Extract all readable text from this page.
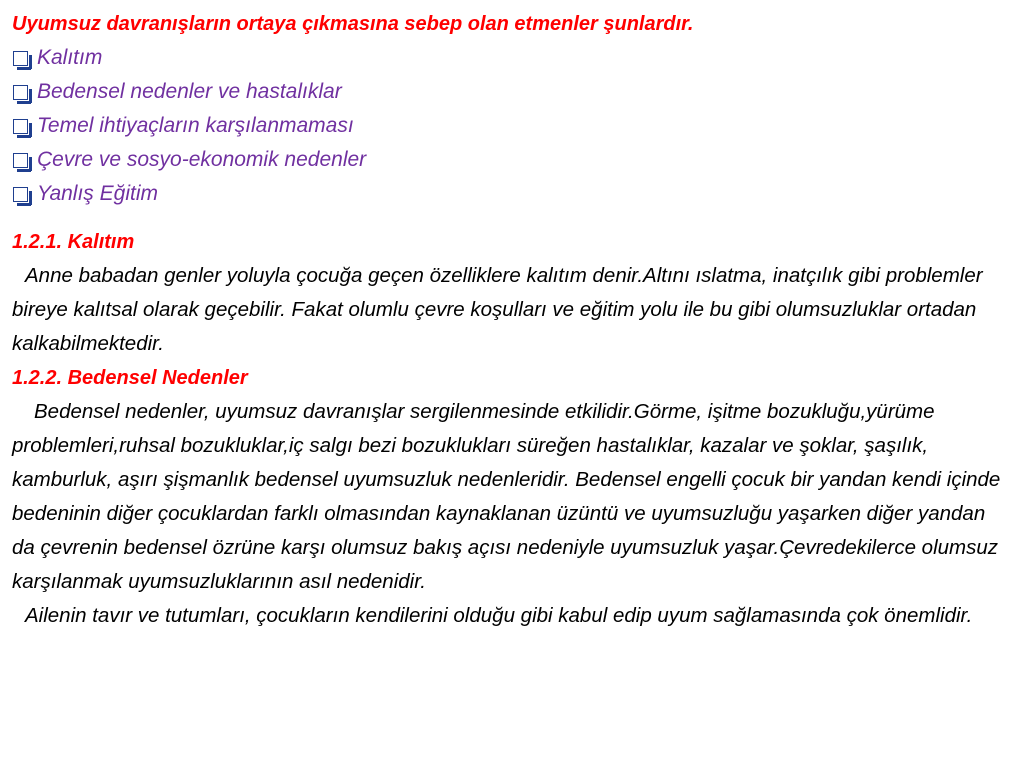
Uyumsuz davranışların ortaya çıkmasına sebep olan etmenler şunlardır.

Kalıtım
Bedensel nedenler ve hastalıklar
Temel ihtiyaçların karşılanmaması
Çevre ve sosyo-ekonomik nedenler
Yanlış Eğitim

1.2.1. Kalıtım

Anne babadan genler yoluyla çocuğa geçen özelliklere kalıtım denir.Altını ıslatma, inatçılık gibi problemler bireye kalıtsal olarak geçebilir. Fakat olumlu çevre koşulları ve eğitim yolu ile bu gibi olumsuzluklar ortadan kalkabilmektedir.

1.2.2. Bedensel Nedenler

Bedensel nedenler, uyumsuz davranışlar sergilenmesinde etkilidir.Görme, işitme bozukluğu,yürüme problemleri,ruhsal bozukluklar,iç salgı bezi bozuklukları süreğen hastalıklar, kazalar ve şoklar, şaşılık, kamburluk, aşırı şişmanlık bedensel uyumsuzluk nedenleridir. Bedensel engelli çocuk bir yandan kendi içinde bedeninin diğer çocuklardan farklı olmasından kaynaklanan üzüntü ve uyumsuzluğu yaşarken diğer yandan da çevrenin bedensel özrüne karşı olumsuz bakış açısı nedeniyle uyumsuzluk yaşar.Çevredekilerce olumsuz karşılanmak uyumsuzluklarının asıl nedenidir.

Ailenin tavır ve tutumları, çocukların kendilerini olduğu gibi kabul edip uyum sağlamasında çok önemlidir.
